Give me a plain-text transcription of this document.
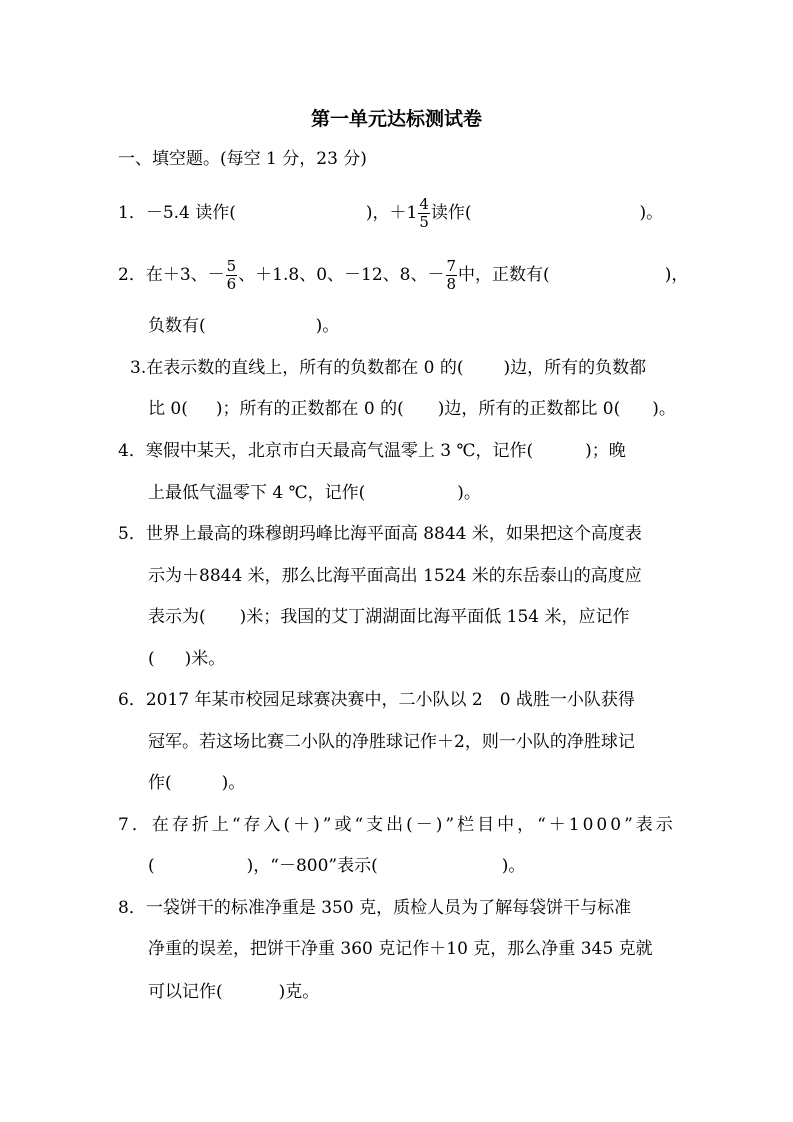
第一单元达标测试卷
一、填空题。(每空 1 分，23 分)
1．－5.4 读作(	)，$+1 \frac{4}{5}$ 读作(	)。
2．在＋3、－ $\frac{5}{6}$ 、＋1.8、0、－12、8、－ $\frac{7}{8}$ 中，正数有(	)，
负数有(	)。
3.在表示数的直线上，所有的负数都在 0 的( )边，所有的负数都
比 0( )；所有的正数都在 0 的( )边，所有的正数都比 0( )。
4．寒假中某天，北京市白天最高气温零上 3 ℃，记作(	)；晚
上最低气温零下 4 ℃，记作(	)。
5．世界上最高的珠穆朗玛峰比海平面高 8844 米，如果把这个高度表
示为＋8844 米，那么比海平面高出 1524 米的东岳泰山的高度应
表示为( )米；我国的艾丁湖湖面比海平面低 154 米，应记作
( )米。
6．2017 年某市校园足球赛决赛中，二小队以 2　0 战胜一小队获得
冠军。若这场比赛二小队的净胜球记作＋2，则一小队的净胜球记
作(	)。
7．在存折上“存入(＋)”或“支出(－)”栏目中，“＋1000”表示
(	)，“－800”表示(	)。
8．一袋饼干的标准净重是 350 克，质检人员为了解每袋饼干与标准
净重的误差，把饼干净重 360 克记作＋10 克，那么净重 345 克就
可以记作(	)克。
